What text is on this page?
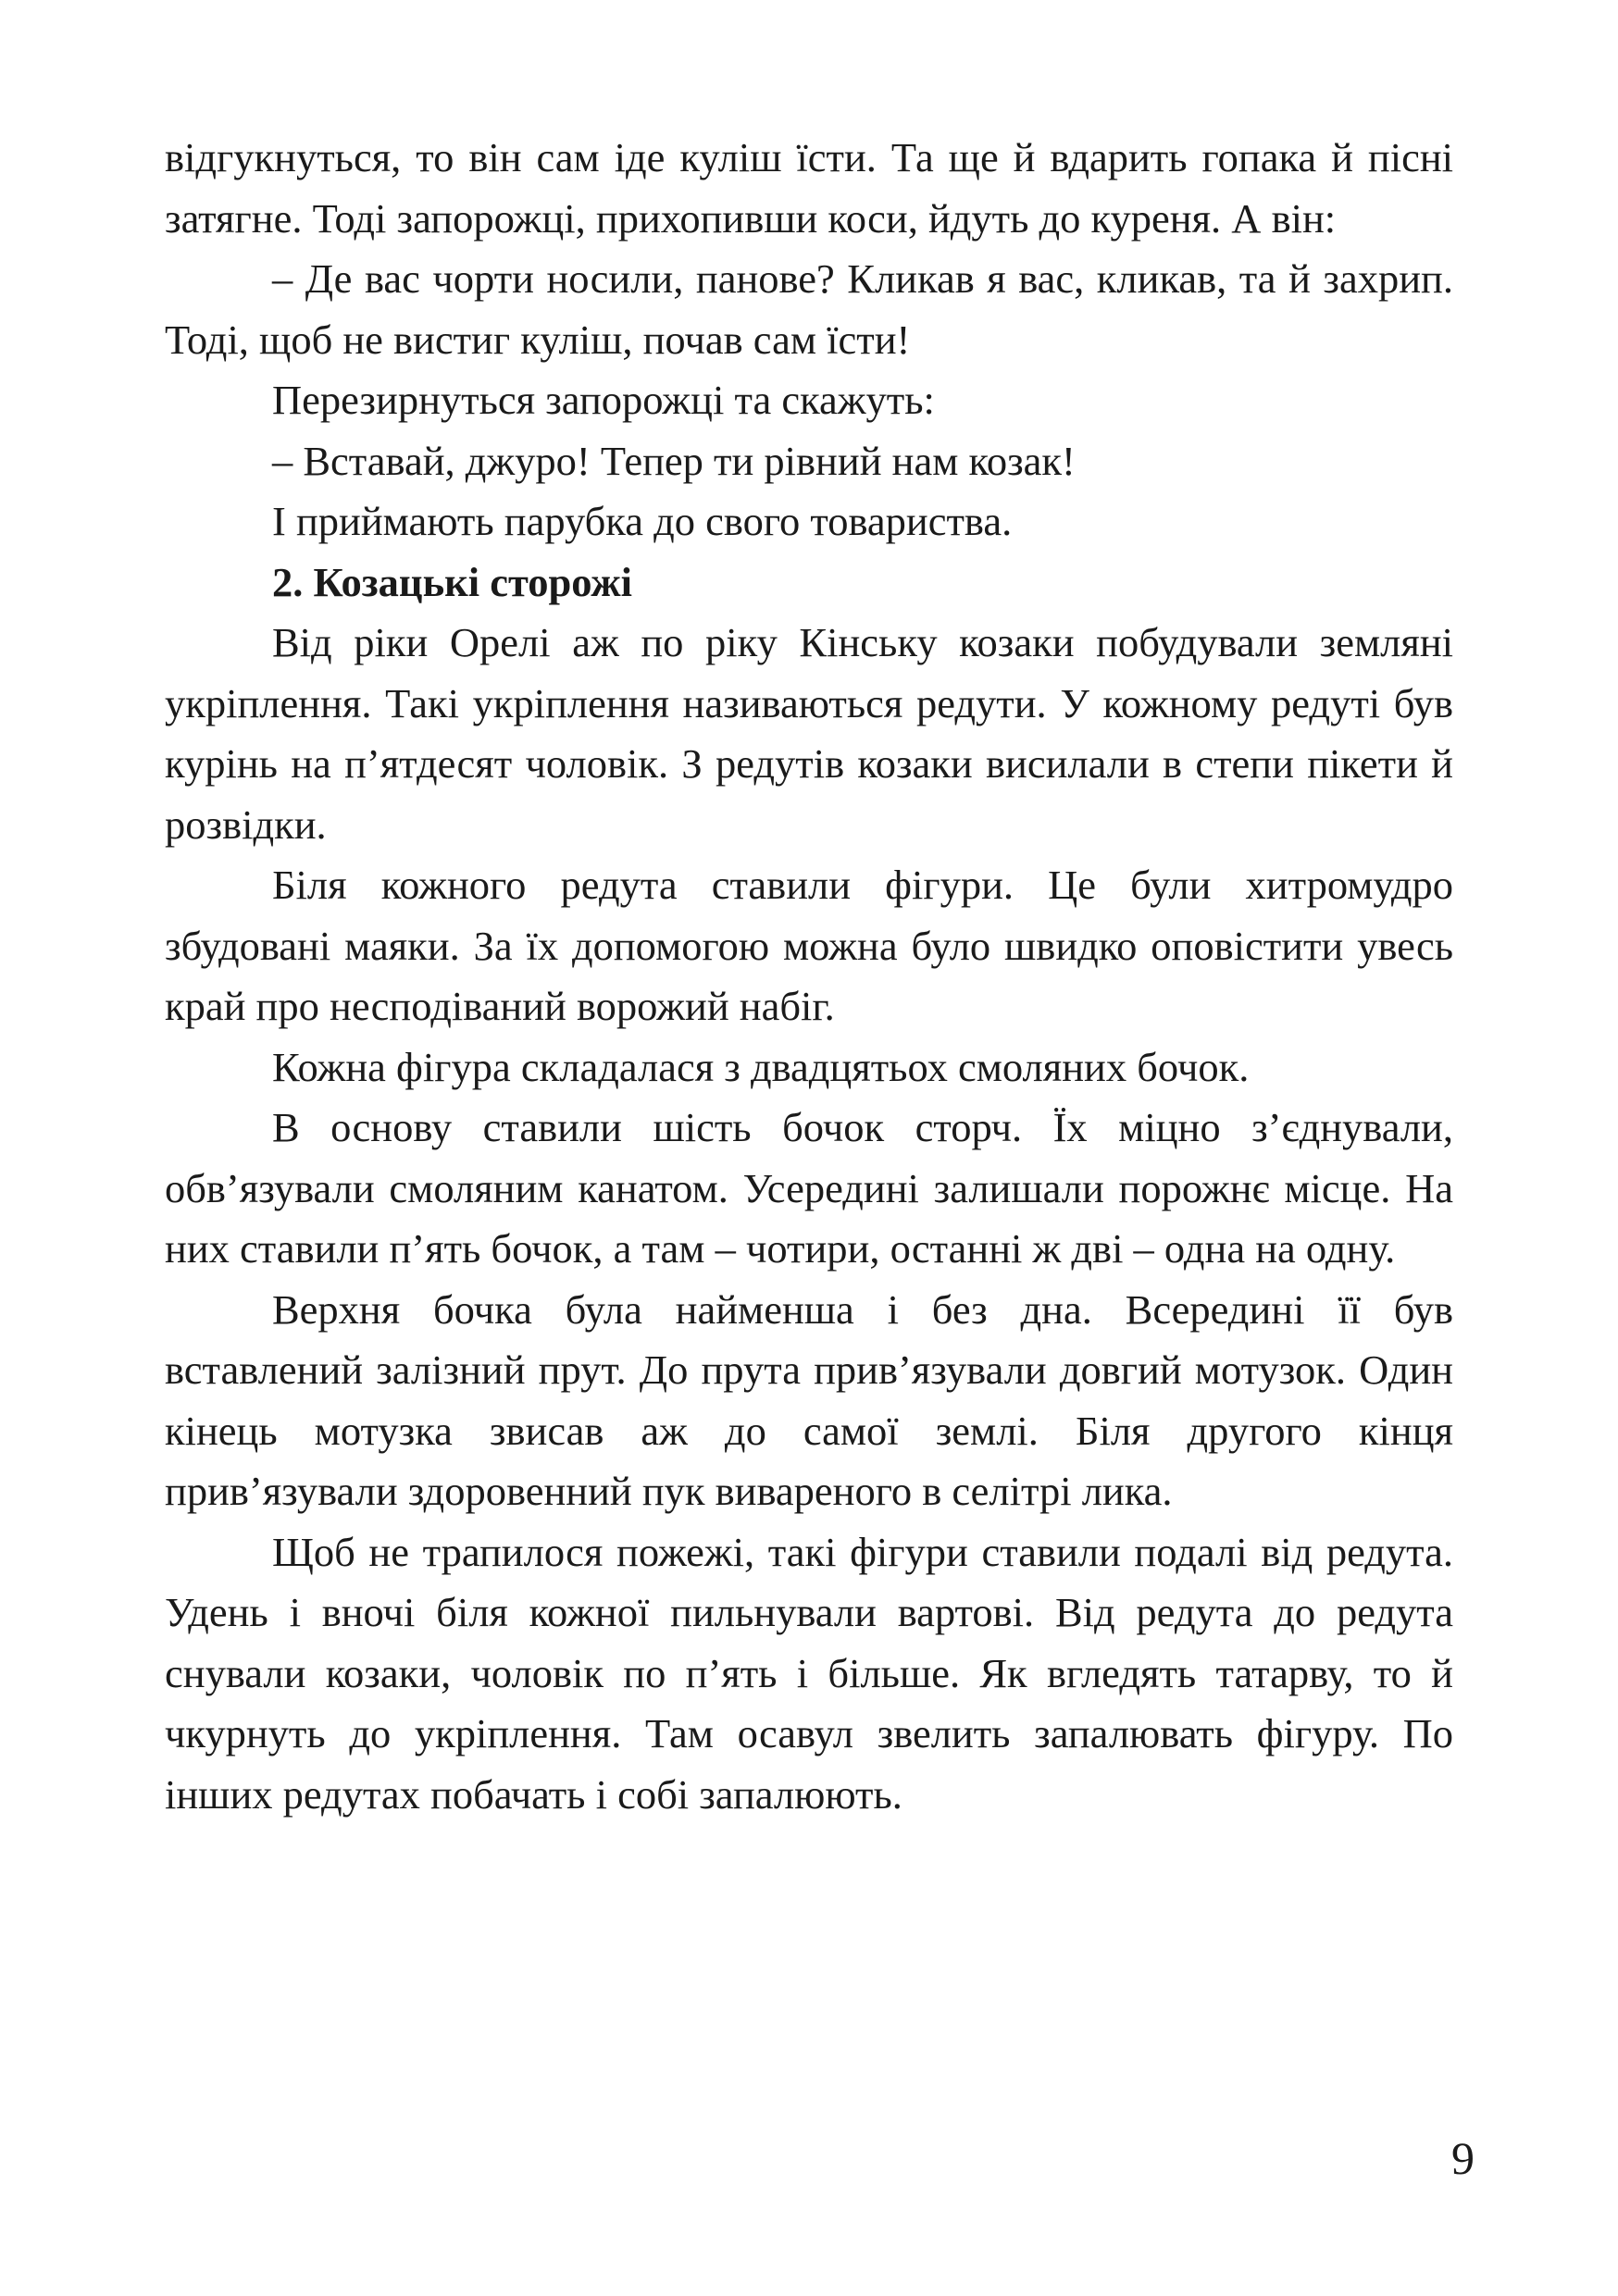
відгукнуться, то він сам іде куліш їсти. Та ще й вдарить гопака й пісні затягне. Тоді запорожці, прихопивши коси, йдуть до куреня. А він:

– Де вас чорти носили, панове? Кликав я вас, кликав, та й захрип. Тоді, щоб не вистиг куліш, почав сам їсти!

Перезирнуться запорожці та скажуть:

– Вставай, джуро! Тепер ти рівний нам козак!

І приймають парубка до свого товариства.

2. Козацькі сторожі

Від ріки Орелі аж по ріку Кінську козаки побудували земляні укріплення. Такі укріплення називаються редути. У кожному редуті був курінь на п’ятдесят чоловік. З редутів козаки висилали в степи пікети й розвідки.

Біля кожного редута ставили фігури. Це були хитромудро збудовані маяки. За їх допомогою можна було швидко оповістити увесь край про несподіваний ворожий набіг.

Кожна фігура складалася з двадцятьох смоляних бочок.

В основу ставили шість бочок сторч. Їх міцно з’єднували, обв’язували смоляним канатом. Усередині залишали порожнє місце. На них ставили п’ять бочок, а там – чотири, останні ж дві – одна на одну.

Верхня бочка була найменша і без дна. Всередині її був вставлений залізний прут. До прута прив’язували довгий мотузок. Один кінець мотузка звисав аж до самої землі. Біля другого кінця прив’язували здоровенний пук вивареного в селітрі лика.

Щоб не трапилося пожежі, такі фігури ставили подалі від редута. Удень і вночі біля кожної пильнували вартові. Від редута до редута снували козаки, чоловік по п’ять і більше. Як вгледять татарву, то й чкурнуть до укріплення. Там осавул звелить запалювать фігуру. По інших редутах побачать і собі запалюють.

9
